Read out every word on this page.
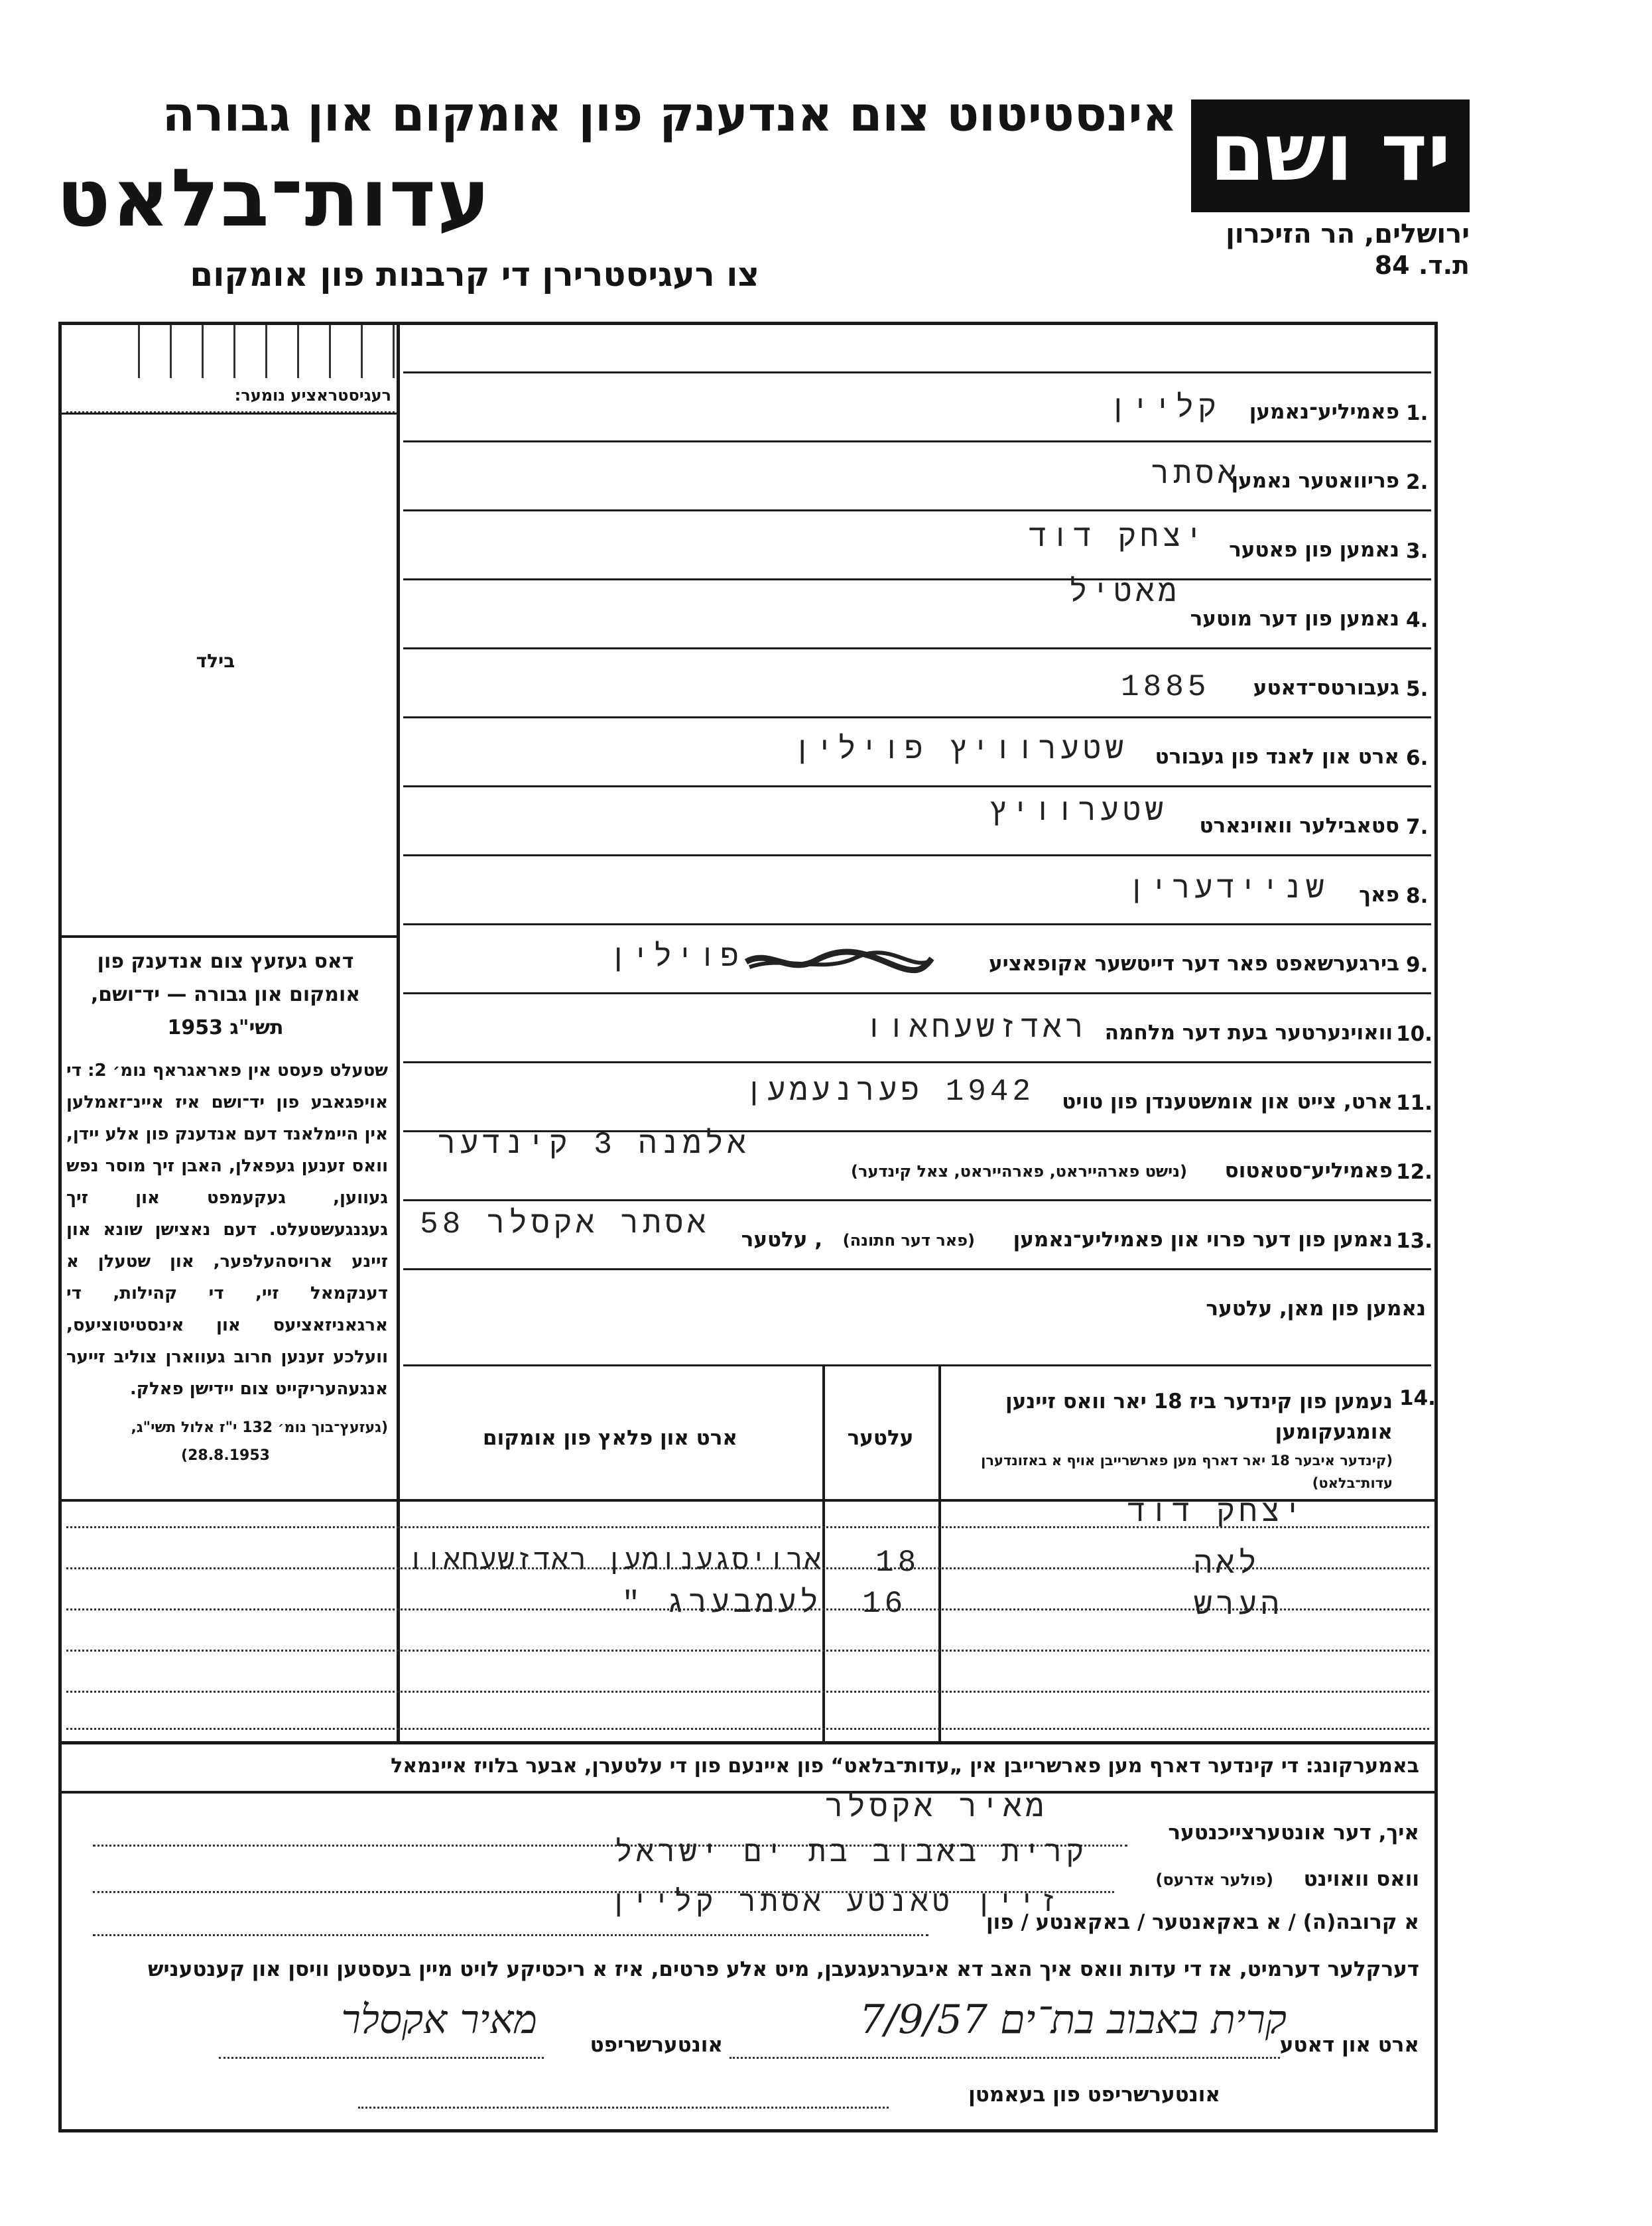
יד ושם
אינסטיטוט צום אנדענק פון אומקום און גבורה
עדות־בלאט	ירושלים, הר הזיכרון
ת.ד. 84
צו רעגיסטרירן די קרבנות פון אומקום
רעגיסטראציע נומער:
בילד
דאס געזעץ צום אנדענק פון אומקום און גבורה — יד־ושם, תשי"ג 1953
שטעלט פעסט אין פאראגראף נומ׳ 2: די אויפגאבע פון יד־ושם איז איינ־זאמלען אין היימלאנד דעם אנדענק פון אלע יידן, וואס זענען געפאלן, האבן זיך מוסר נפש געווען, געקעמפט און זיך געגנגעשטעלט. דעם נאצישן שונא און זיינע ארויסהעלפער, און שטעלן א דענקמאל זיי, די קהילות, די ארגאניזאציעס און אינסטיטוציעס, וועלכע זענען חרוב געווארן צוליב זייער אנגעהעריקייט צום יידישן פאלק.
(געזעץ־בוך נומ׳ 132 י"ז אלול תשי"ג,
(28.8.1953
1.
פאמיליע־נאמען
קליין
2.
פריוואטער נאמען
אסתר
3.
נאמען פון פאטער
יצחק דוד
4.
נאמען פון דער מוטער
מאטיל
5.
געבורטס־דאטע
1885
6.
ארט און לאנד פון געבורט
שטערוויץ פוילין
7.
סטאבילער וואוינארט
שטערוויץ
8.
פאך
שניידערין
9.
בירגערשאפט פאר דער דייטשער אקופאציע
פוילין
10.
וואוינערטער בעת דער מלחמה
ראדזשעחאוו
11.
ארט, צייט און אומשטענדן פון טויט
1942 פערנעמען
12.
פאמיליע־סטאטוס
(נישט פארהייראט, פארהייראט, צאל קינדער)
אלמנה 3 קינדער
13.
נאמען פון דער פרוי און פאמיליע־נאמען
(פאר דער חתונה)
, עלטער
אסתר אקסלר 58
נאמען פון מאן, עלטער
14.
נעמען פון קינדער ביז 18 יאר וואס זיינען אומגעקומען
(קינדער איבער 18 יאר דארף מען פארשרייבן אויף א באזונדערן עדות־בלאט)
עלטער
ארט און פלאץ פון אומקום
יצחק דוד
לאה
18
ארויסגענומען ראדזשעחאוו
הערש
16
לעמבערג "
באמערקונג: די קינדער דארף מען פארשרייבן אין „עדות־בלאט“ פון איינעם פון די עלטערן, אבער בלויז איינמאל
איך, דער אונטערצייכנטער
מאיר אקסלר
וואס וואוינט
(פולער אדרעס)
קרית באבוב בת ים ישראל
א קרובה(ה) / א באקאנטער / באקאנטע / פון
זיין טאנטע אסתר קליין
דערקלער דערמיט, אז די עדות וואס איך האב דא איבערגעגעבן, מיט אלע פרטים, איז א ריכטיקע לויט מיין בעסטען וויסן און קענטעניש
ארט און דאטע
קרית באבוב בת־ים 7/9/57
אונטערשריפט
מאיר אקסלר
אונטערשריפט פון בעאמטן
